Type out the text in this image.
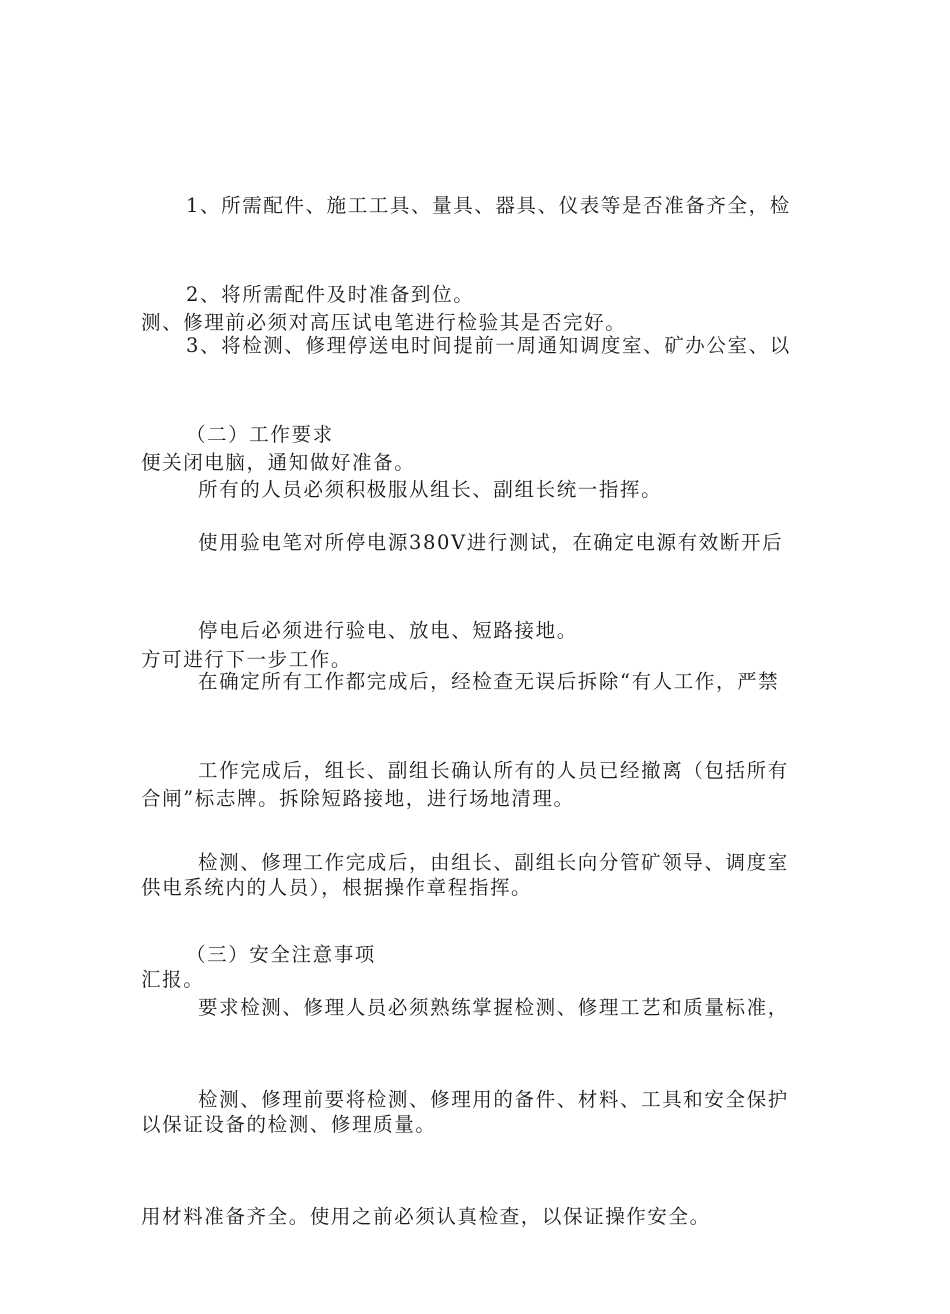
1、所需配件、施工工具、量具、器具、仪表等是否准备齐全，检

测、修理前必须对高压试电笔进行检验其是否完好。

2、将所需配件及时准备到位。

3、将检测、修理停送电时间提前一周通知调度室、矿办公室、以

便关闭电脑，通知做好准备。

（二）工作要求

所有的人员必须积极服从组长、副组长统一指挥。

使用验电笔对所停电源380V进行测试，在确定电源有效断开后

方可进行下一步工作。

停电后必须进行验电、放电、短路接地。

在确定所有工作都完成后，经检查无误后拆除“有人工作，严禁

合闸”标志牌。拆除短路接地，进行场地清理。

工作完成后，组长、副组长确认所有的人员已经撤离（包括所有

供电系统内的人员），根据操作章程指挥。

检测、修理工作完成后，由组长、副组长向分管矿领导、调度室

汇报。

（三）安全注意事项

要求检测、修理人员必须熟练掌握检测、修理工艺和质量标准，

以保证设备的检测、修理质量。

检测、修理前要将检测、修理用的备件、材料、工具和安全保护

用材料准备齐全。使用之前必须认真检查，以保证操作安全。
